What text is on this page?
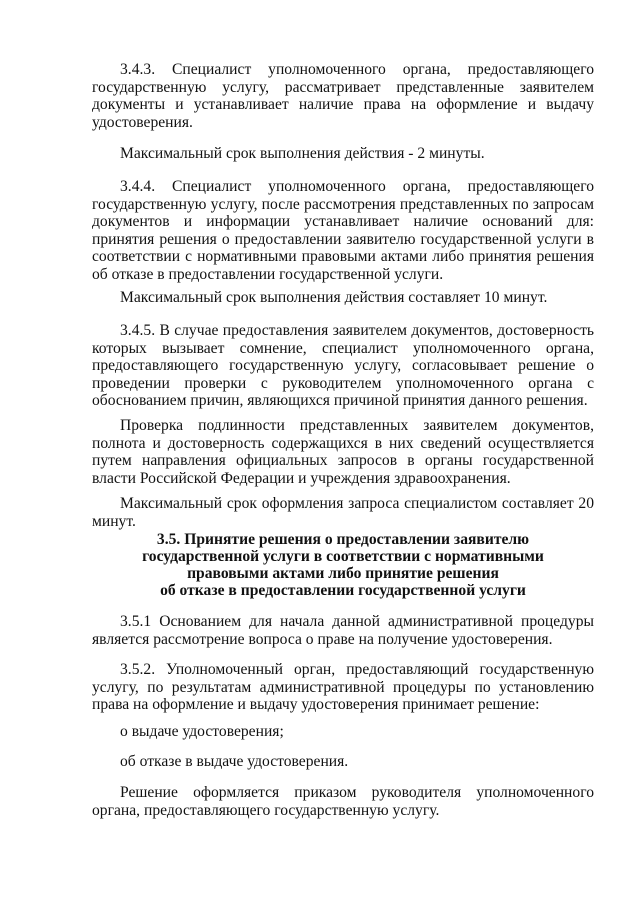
3.4.3. Специалист уполномоченного органа, предоставляющего государственную услугу, рассматривает представленные заявителем документы и устанавливает наличие права на оформление и выдачу удостоверения.

Максимальный срок выполнения действия - 2 минуты.

3.4.4. Специалист уполномоченного органа, предоставляющего государственную услугу, после рассмотрения представленных по запросам документов и информации устанавливает наличие оснований для: принятия решения о предоставлении заявителю государственной услуги в соответствии с нормативными правовыми актами либо принятия решения об отказе в предоставлении государственной услуги.

Максимальный срок выполнения действия составляет 10 минут.

3.4.5. В случае предоставления заявителем документов, достоверность которых вызывает сомнение, специалист уполномоченного органа, предоставляющего государственную услугу, согласовывает решение о проведении проверки с руководителем уполномоченного органа с обоснованием причин, являющихся причиной принятия данного решения.

Проверка подлинности представленных заявителем документов, полнота и достоверность содержащихся в них сведений осуществляется путем направления официальных запросов в органы государственной власти Российской Федерации и учреждения здравоохранения.

Максимальный срок оформления запроса специалистом составляет 20 минут.

3.5. Принятие решения о предоставлении заявителю
государственной услуги в соответствии с нормативными
правовыми актами либо принятие решения
об отказе в предоставлении государственной услуги

3.5.1 Основанием для начала данной административной процедуры является рассмотрение вопроса о праве на получение удостоверения.

3.5.2. Уполномоченный орган, предоставляющий государственную услугу, по результатам административной процедуры по установлению права на оформление и выдачу удостоверения принимает решение:

о выдаче удостоверения;

об отказе в выдаче удостоверения.

Решение оформляется приказом руководителя уполномоченного органа, предоставляющего государственную услугу.
